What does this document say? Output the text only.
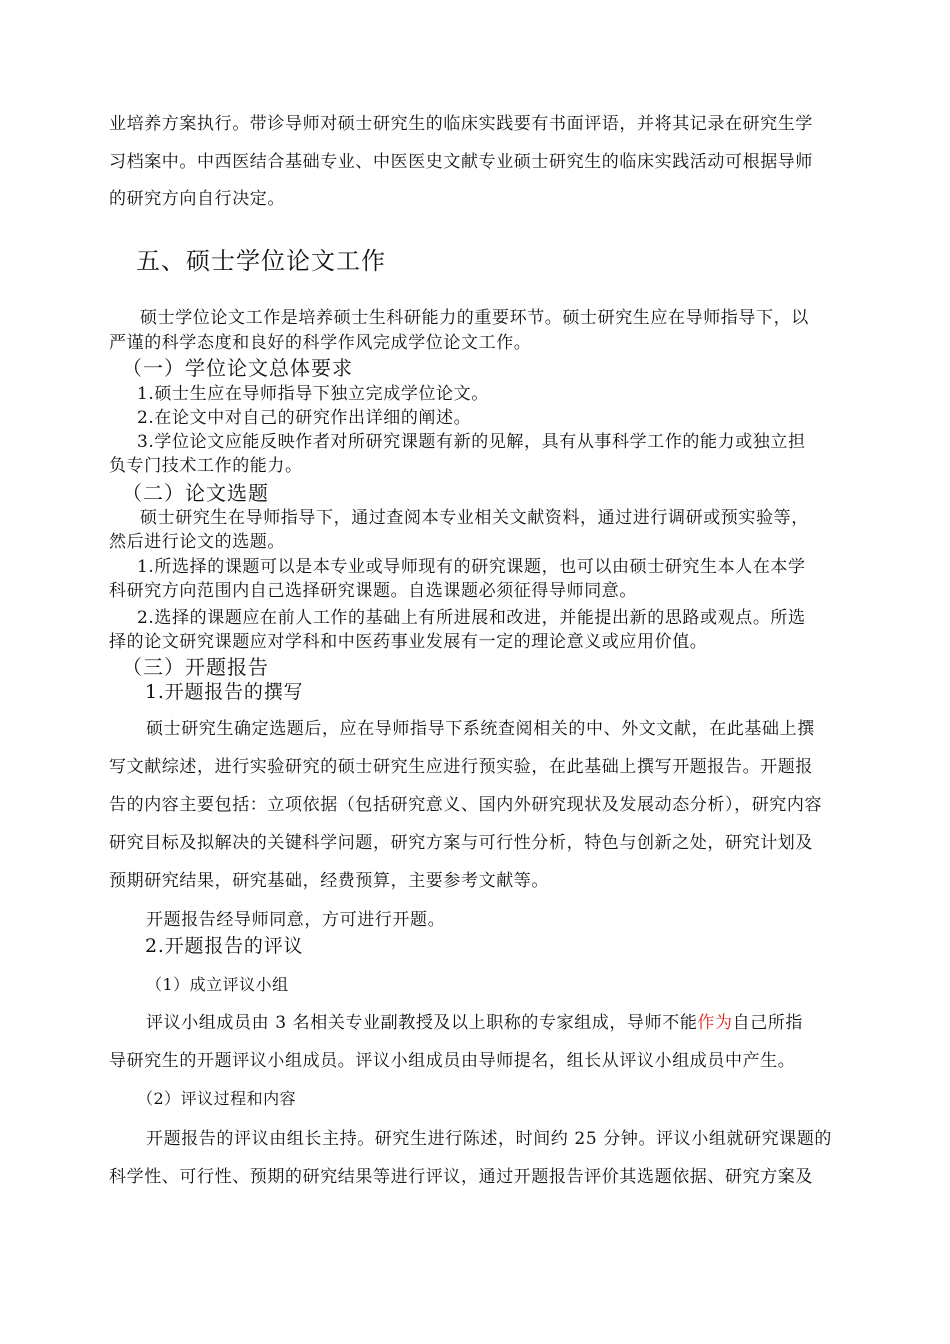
业培养方案执行。带诊导师对硕士研究生的临床实践要有书面评语，并将其记录在研究生学
习档案中。中西医结合基础专业、中医医史文献专业硕士研究生的临床实践活动可根据导师
的研究方向自行决定。
五、硕士学位论文工作
硕士学位论文工作是培养硕士生科研能力的重要环节。硕士研究生应在导师指导下，以
严谨的科学态度和良好的科学作风完成学位论文工作。
（一）学位论文总体要求
1.硕士生应在导师指导下独立完成学位论文。
2.在论文中对自己的研究作出详细的阐述。
3.学位论文应能反映作者对所研究课题有新的见解，具有从事科学工作的能力或独立担
负专门技术工作的能力。
（二）论文选题
硕士研究生在导师指导下，通过查阅本专业相关文献资料，通过进行调研或预实验等，
然后进行论文的选题。
1.所选择的课题可以是本专业或导师现有的研究课题，也可以由硕士研究生本人在本学
科研究方向范围内自己选择研究课题。自选课题必须征得导师同意。
2.选择的课题应在前人工作的基础上有所进展和改进，并能提出新的思路或观点。所选
择的论文研究课题应对学科和中医药事业发展有一定的理论意义或应用价值。
（三）开题报告
1.开题报告的撰写
硕士研究生确定选题后，应在导师指导下系统查阅相关的中、外文文献，在此基础上撰
写文献综述，进行实验研究的硕士研究生应进行预实验，在此基础上撰写开题报告。开题报
告的内容主要包括：立项依据（包括研究意义、国内外研究现状及发展动态分析），研究内容
研究目标及拟解决的关键科学问题，研究方案与可行性分析，特色与创新之处，研究计划及
预期研究结果，研究基础，经费预算，主要参考文献等。
开题报告经导师同意，方可进行开题。
2.开题报告的评议
（1）成立评议小组
评议小组成员由 3 名相关专业副教授及以上职称的专家组成，导师不能作为自己所指
导研究生的开题评议小组成员。评议小组成员由导师提名，组长从评议小组成员中产生。
（2）评议过程和内容
开题报告的评议由组长主持。研究生进行陈述，时间约 25 分钟。评议小组就研究课题的
科学性、可行性、预期的研究结果等进行评议，通过开题报告评价其选题依据、研究方案及
